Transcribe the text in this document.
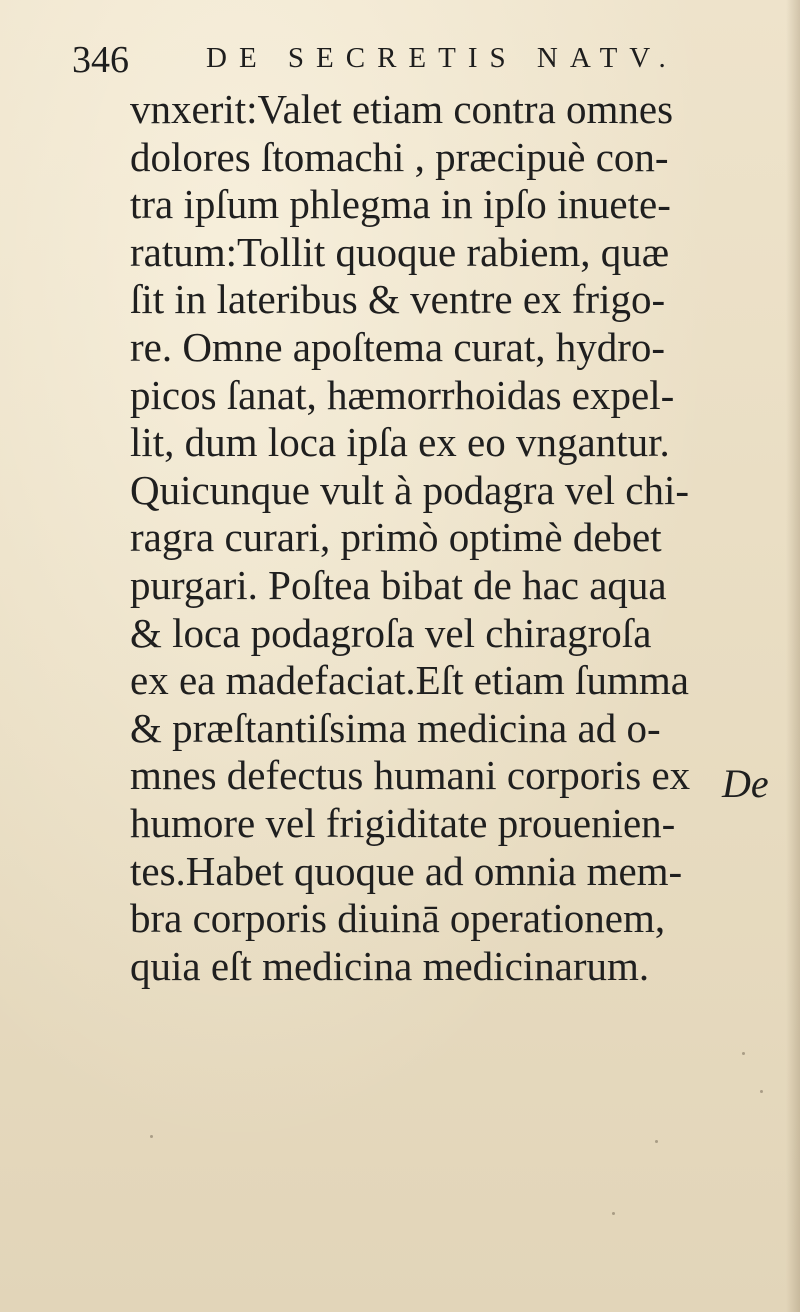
346	DE SECRETIS NATV.
vnxerit:Valet etiam contra omnes
dolores ſtomachi , præcipuè con-
tra ipſum phlegma in ipſo inuete-
ratum:Tollit quoque rabiem, quæ
ſit in lateribus & ventre ex frigo-
re. Omne apoſtema curat, hydro-
picos ſanat, hæmorrhoidas expel-
lit, dum loca ipſa ex eo vngantur.
Quicunque vult à podagra vel chi-
ragra curari, primò optimè debet
purgari. Poſtea bibat de hac aqua
& loca podagroſa vel chiragroſa
ex ea madefaciat.Eſt etiam ſumma
& præſtantiſsima medicina ad o-
mnes defectus humani corporis ex
humore vel frigiditate prouenien-
tes.Habet quoque ad omnia mem-
bra corporis diuinā operationem,
quia eſt medicina medicinarum.
De
